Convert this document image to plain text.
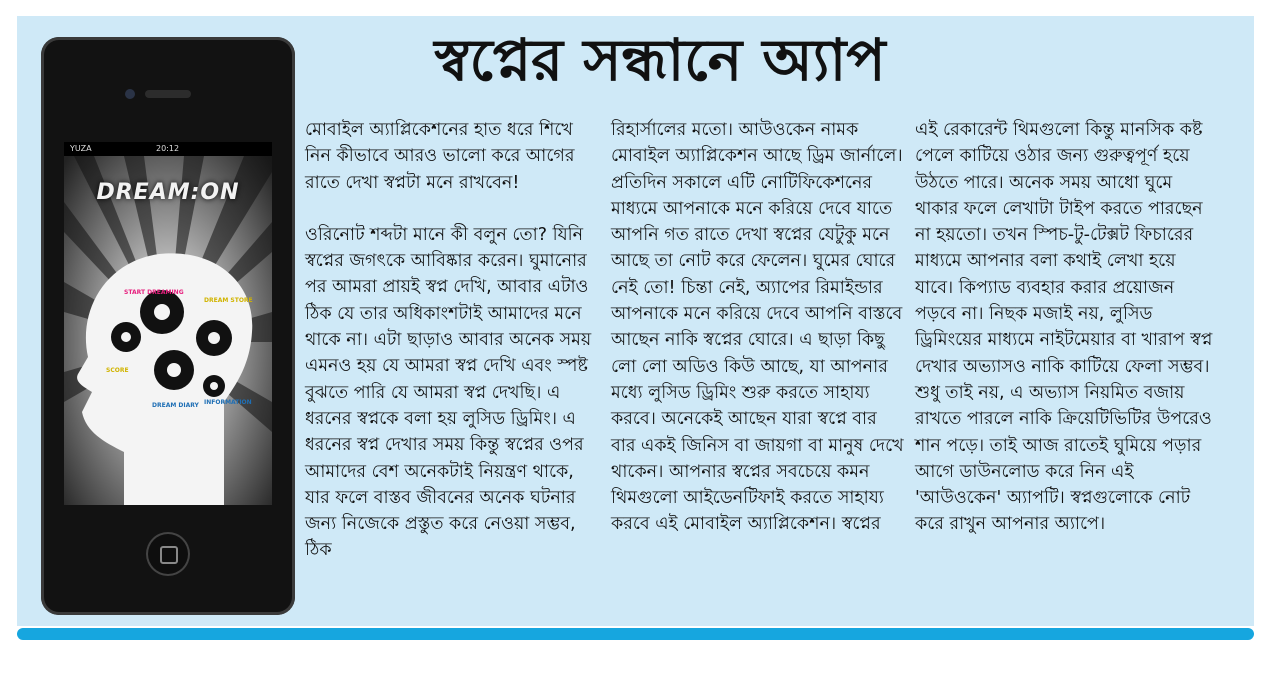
স্বপ্নের সন্ধানে অ্যাপ

মোবাইল অ্যাপ্লিকেশনের হাত ধরে শিখে নিন কীভাবে আরও ভালো করে আগের রাতে দেখা স্বপ্নটা মনে রাখবেন!

ওরিনোট শব্দটা মানে কী বলুন তো? যিনি স্বপ্নের জগৎকে আবিষ্কার করেন। ঘুমানোর পর আমরা প্রায়ই স্বপ্ন দেখি, আবার এটাও ঠিক যে তার অধিকাংশটাই আমাদের মনে থাকে না। এটা ছাড়াও আবার অনেক সময় এমনও হয় যে আমরা স্বপ্ন দেখি এবং স্পষ্ট বুঝতে পারি যে আমরা স্বপ্ন দেখছি। এ ধরনের স্বপ্নকে বলা হয় লুসিড ড্রিমিং। এ ধরনের স্বপ্ন দেখার সময় কিন্তু স্বপ্নের ওপর আমাদের বেশ অনেকটাই নিয়ন্ত্রণ থাকে, যার ফলে বাস্তব জীবনের অনেক ঘটনার জন্য নিজেকে প্রস্তুত করে নেওয়া সম্ভব, ঠিক

রিহার্সালের মতো। আউওকেন নামক মোবাইল অ্যাপ্লিকেশন আছে ড্রিম জার্নালে। প্রতিদিন সকালে এটি নোটিফিকেশনের মাধ্যমে আপনাকে মনে করিয়ে দেবে যাতে আপনি গত রাতে দেখা স্বপ্নের যেটুকু মনে আছে তা নোট করে ফেলেন। ঘুমের ঘোরে নেই তো! চিন্তা নেই, অ্যাপের রিমাইন্ডার আপনাকে মনে করিয়ে দেবে আপনি বাস্তবে আছেন নাকি স্বপ্নের ঘোরে। এ ছাড়া কিছু লো লো অডিও কিউ আছে, যা আপনার মধ্যে লুসিড ড্রিমিং শুরু করতে সাহায্য করবে। অনেকেই আছেন যারা স্বপ্নে বার বার একই জিনিস বা জায়গা বা মানুষ দেখে থাকেন। আপনার স্বপ্নের সবচেয়ে কমন থিমগুলো আইডেনটিফাই করতে সাহায্য করবে এই মোবাইল অ্যাপ্লিকেশন। স্বপ্নের

এই রেকারেন্ট থিমগুলো কিন্তু মানসিক কষ্ট পেলে কাটিয়ে ওঠার জন্য গুরুত্বপূর্ণ হয়ে উঠতে পারে। অনেক সময় আধো ঘুমে থাকার ফলে লেখাটা টাইপ করতে পারছেন না হয়তো। তখন স্পিচ-টু-টেক্সট ফিচারের মাধ্যমে আপনার বলা কথাই লেখা হয়ে যাবে। কিপ্যাড ব্যবহার করার প্রয়োজন পড়বে না। নিছক মজাই নয়, লুসিড ড্রিমিংয়ের মাধ্যমে নাইটমেয়ার বা খারাপ স্বপ্ন দেখার অভ্যাসও নাকি কাটিয়ে ফেলা সম্ভব। শুধু তাই নয়, এ অভ্যাস নিয়মিত বজায় রাখতে পারলে নাকি ক্রিয়েটিভিটির উপরেও শান পড়ে। তাই আজ রাতেই ঘুমিয়ে পড়ার আগে ডাউনলোড করে নিন এই 'আউওকেন' অ্যাপটি। স্বপ্নগুলোকে নোট করে রাখুন আপনার অ্যাপে।

START DREAMING
DREAM STORE
SCORE
DREAM DIARY INFORMATION
YUZA	20:12
DREAM:ON
